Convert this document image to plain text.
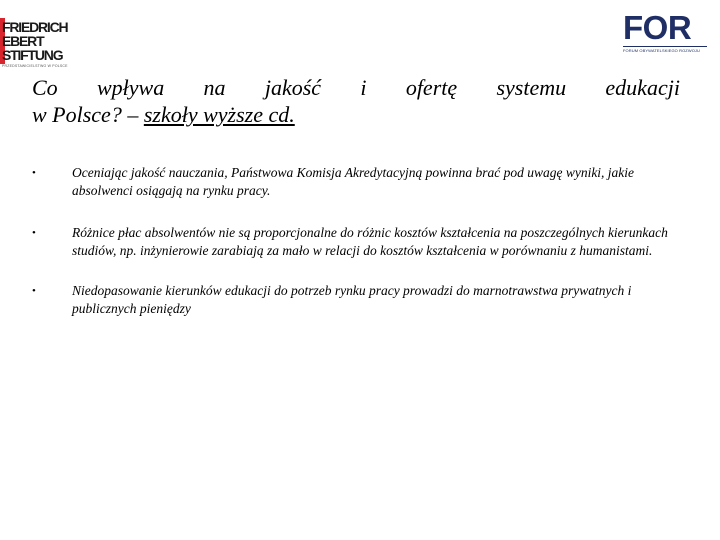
FRIEDRICH
EBERT
STIFTUNG
PRZEDSTAWICIELSTWO W POLSCE
FOR
FORUM OBYWATELSKIEGO ROZWOJU
Co wpływa na jakość i ofertę systemu edukacji
w Polsce? – szkoły wyższe cd.
•	Oceniając jakość nauczania, Państwowa Komisja Akredytacyjną powinna brać pod uwagę wyniki, jakie absolwenci osiągają na rynku pracy.
•	Różnice płac absolwentów nie są proporcjonalne do różnic kosztów kształcenia na poszczególnych kierunkach studiów, np. inżynierowie zarabiają za mało w relacji do kosztów kształcenia w porównaniu z humanistami.
•	Niedopasowanie kierunków edukacji do potrzeb rynku pracy prowadzi do marnotrawstwa prywatnych i publicznych pieniędzy
